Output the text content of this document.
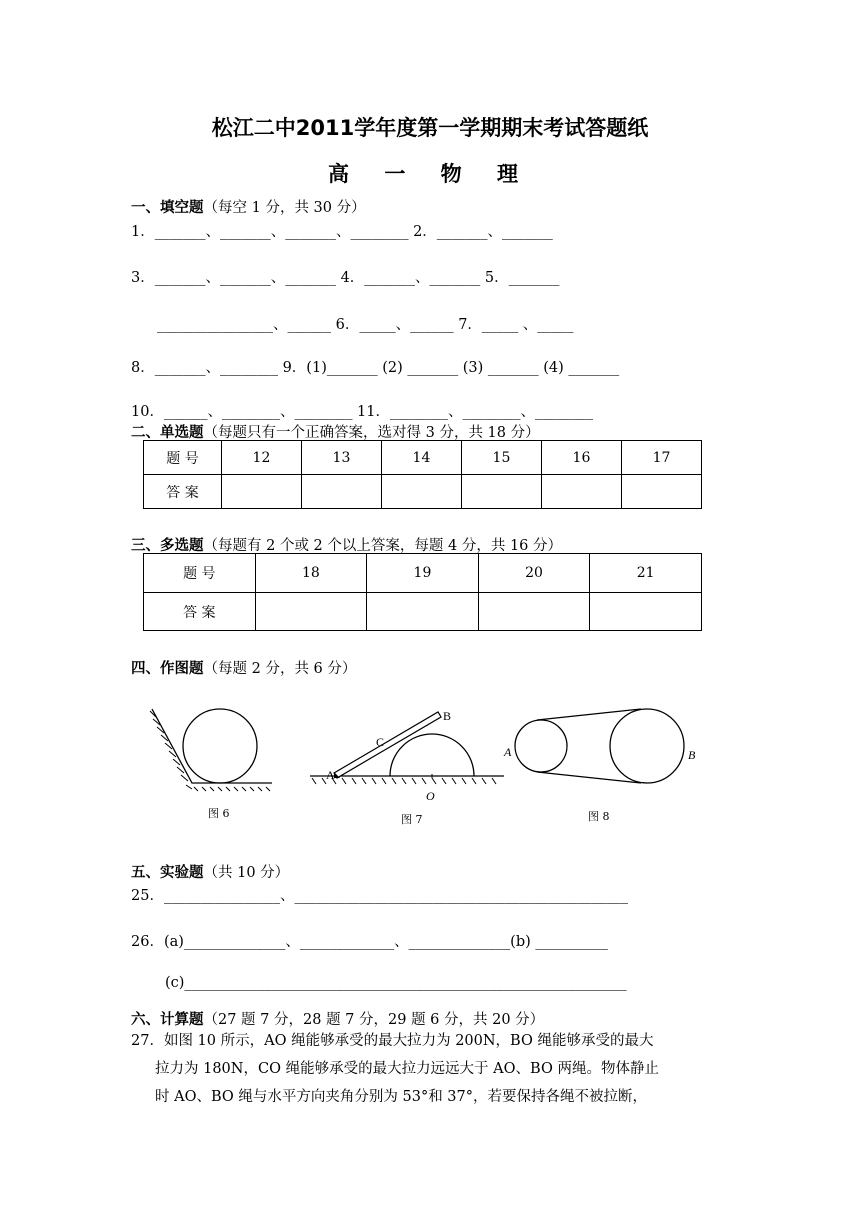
松江二中2011学年度第一学期期末考试答题纸
高 一 物 理
一、填空题（每空 1 分，共 30 分）
1．_______、_______、_______、________ 2．_______、_______
3．_______、_______、_______ 4．_______、_______ 5．_______
________________、______ 6．_____、______ 7．_____ 、_____
8．_______、________ 9．(1)_______ (2) _______ (3) _______ (4) _______
10．______、________、________ 11．________、________、________
二、单选题（每题只有一个正确答案，选对得 3 分，共 18 分）
题 号	12	13	14	15	16	17
答 案						
三、多选题（每题有 2 个或 2 个以上答案，每题 4 分，共 16 分）
题 号	18	19	20	21
答 案				
四、作图题（每题 2 分，共 6 分）
图 6
A
B
C
O
图 7
A	B
图 8
五、实验题（共 10 分）
25．________________、______________________________________________
26．(a)______________、_____________、______________(b) __________
(c)_____________________________________________________________
六、计算题（27 题 7 分，28 题 7 分，29 题 6 分，共 20 分）
27．如图 10 所示，AO 绳能够承受的最大拉力为 200N，BO 绳能够承受的最大
拉力为 180N，CO 绳能够承受的最大拉力远远大于 AO、BO 两绳。物体静止
时 AO、BO 绳与水平方向夹角分别为 53°和 37°，若要保持各绳不被拉断，
